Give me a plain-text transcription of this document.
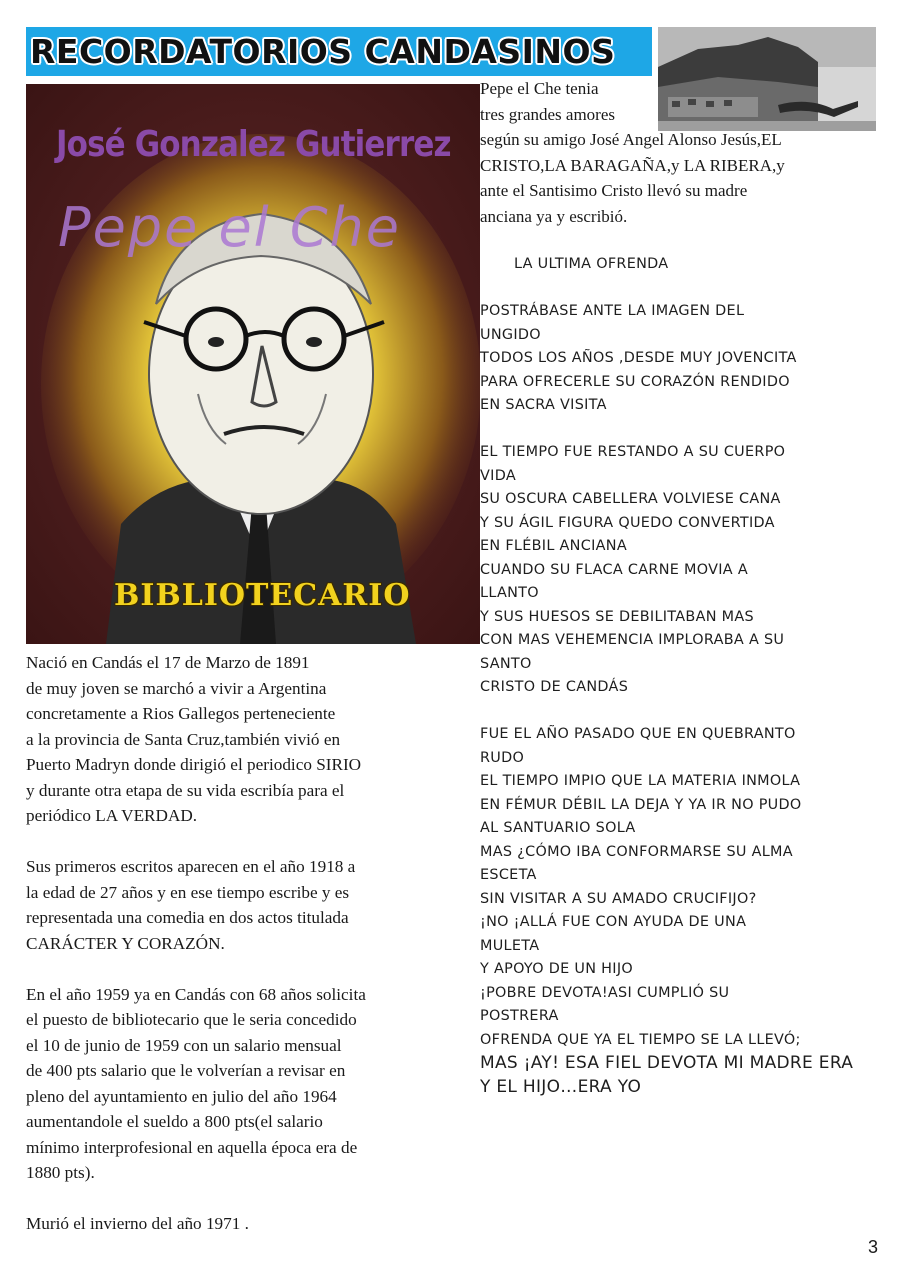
RECORDATORIOS CANDASINOS
José Gonzalez Gutierrez
Pepe el Che
BIBLIOTECARIO
Pepe el Che tenia
tres grandes amores
según su amigo José Angel Alonso Jesús,EL
CRISTO,LA BARAGAÑA,y LA RIBERA,y
ante el Santisimo Cristo llevó su madre
anciana ya y escribió.
LA ULTIMA OFRENDA
POSTRÁBASE ANTE LA IMAGEN DEL
UNGIDO
TODOS LOS AÑOS ,DESDE MUY JOVENCITA
PARA OFRECERLE SU CORAZÓN RENDIDO
EN SACRA VISITA
EL TIEMPO FUE RESTANDO A SU CUERPO
VIDA
SU OSCURA CABELLERA VOLVIESE CANA
Y SU ÁGIL FIGURA QUEDO CONVERTIDA
EN FLÉBIL ANCIANA
CUANDO SU FLACA CARNE MOVIA A
LLANTO
Y SUS HUESOS SE DEBILITABAN MAS
CON MAS VEHEMENCIA IMPLORABA A SU
SANTO
CRISTO DE CANDÁS
FUE EL AÑO PASADO QUE EN QUEBRANTO
RUDO
EL TIEMPO IMPIO QUE LA MATERIA INMOLA
EN FÉMUR DÉBIL LA DEJA Y YA IR NO PUDO
AL SANTUARIO SOLA
MAS ¿CÓMO IBA CONFORMARSE SU ALMA
ESCETA
SIN VISITAR A SU AMADO CRUCIFIJO?
¡NO ¡ALLÁ FUE CON AYUDA DE UNA
MULETA
Y APOYO DE UN HIJO
¡POBRE DEVOTA!ASI CUMPLIÓ SU
POSTRERA
OFRENDA QUE YA EL TIEMPO SE LA LLEVÓ;
MAS ¡AY! ESA FIEL DEVOTA MI MADRE ERA
Y EL HIJO…ERA YO
Nació en Candás el 17 de Marzo de 1891
de muy joven se marchó a vivir a Argentina
concretamente a Rios Gallegos perteneciente
a la provincia de Santa Cruz,también vivió en
Puerto Madryn donde dirigió el periodico SIRIO
y durante otra etapa de su vida escribía para el
periódico LA VERDAD.
Sus primeros escritos aparecen en el año 1918 a
la edad de 27 años y en ese tiempo escribe y es
representada una comedia en dos actos titulada
CARÁCTER Y CORAZÓN.
En el año 1959 ya en Candás con 68 años solicita
el puesto de bibliotecario que le seria concedido
el 10 de junio de 1959 con un salario mensual
de 400 pts salario que le volverían a revisar en
pleno del ayuntamiento en julio del año 1964
aumentandole el sueldo a 800 pts(el salario
mínimo interprofesional en aquella época era de
1880 pts).
Murió el invierno del año 1971 .
3
